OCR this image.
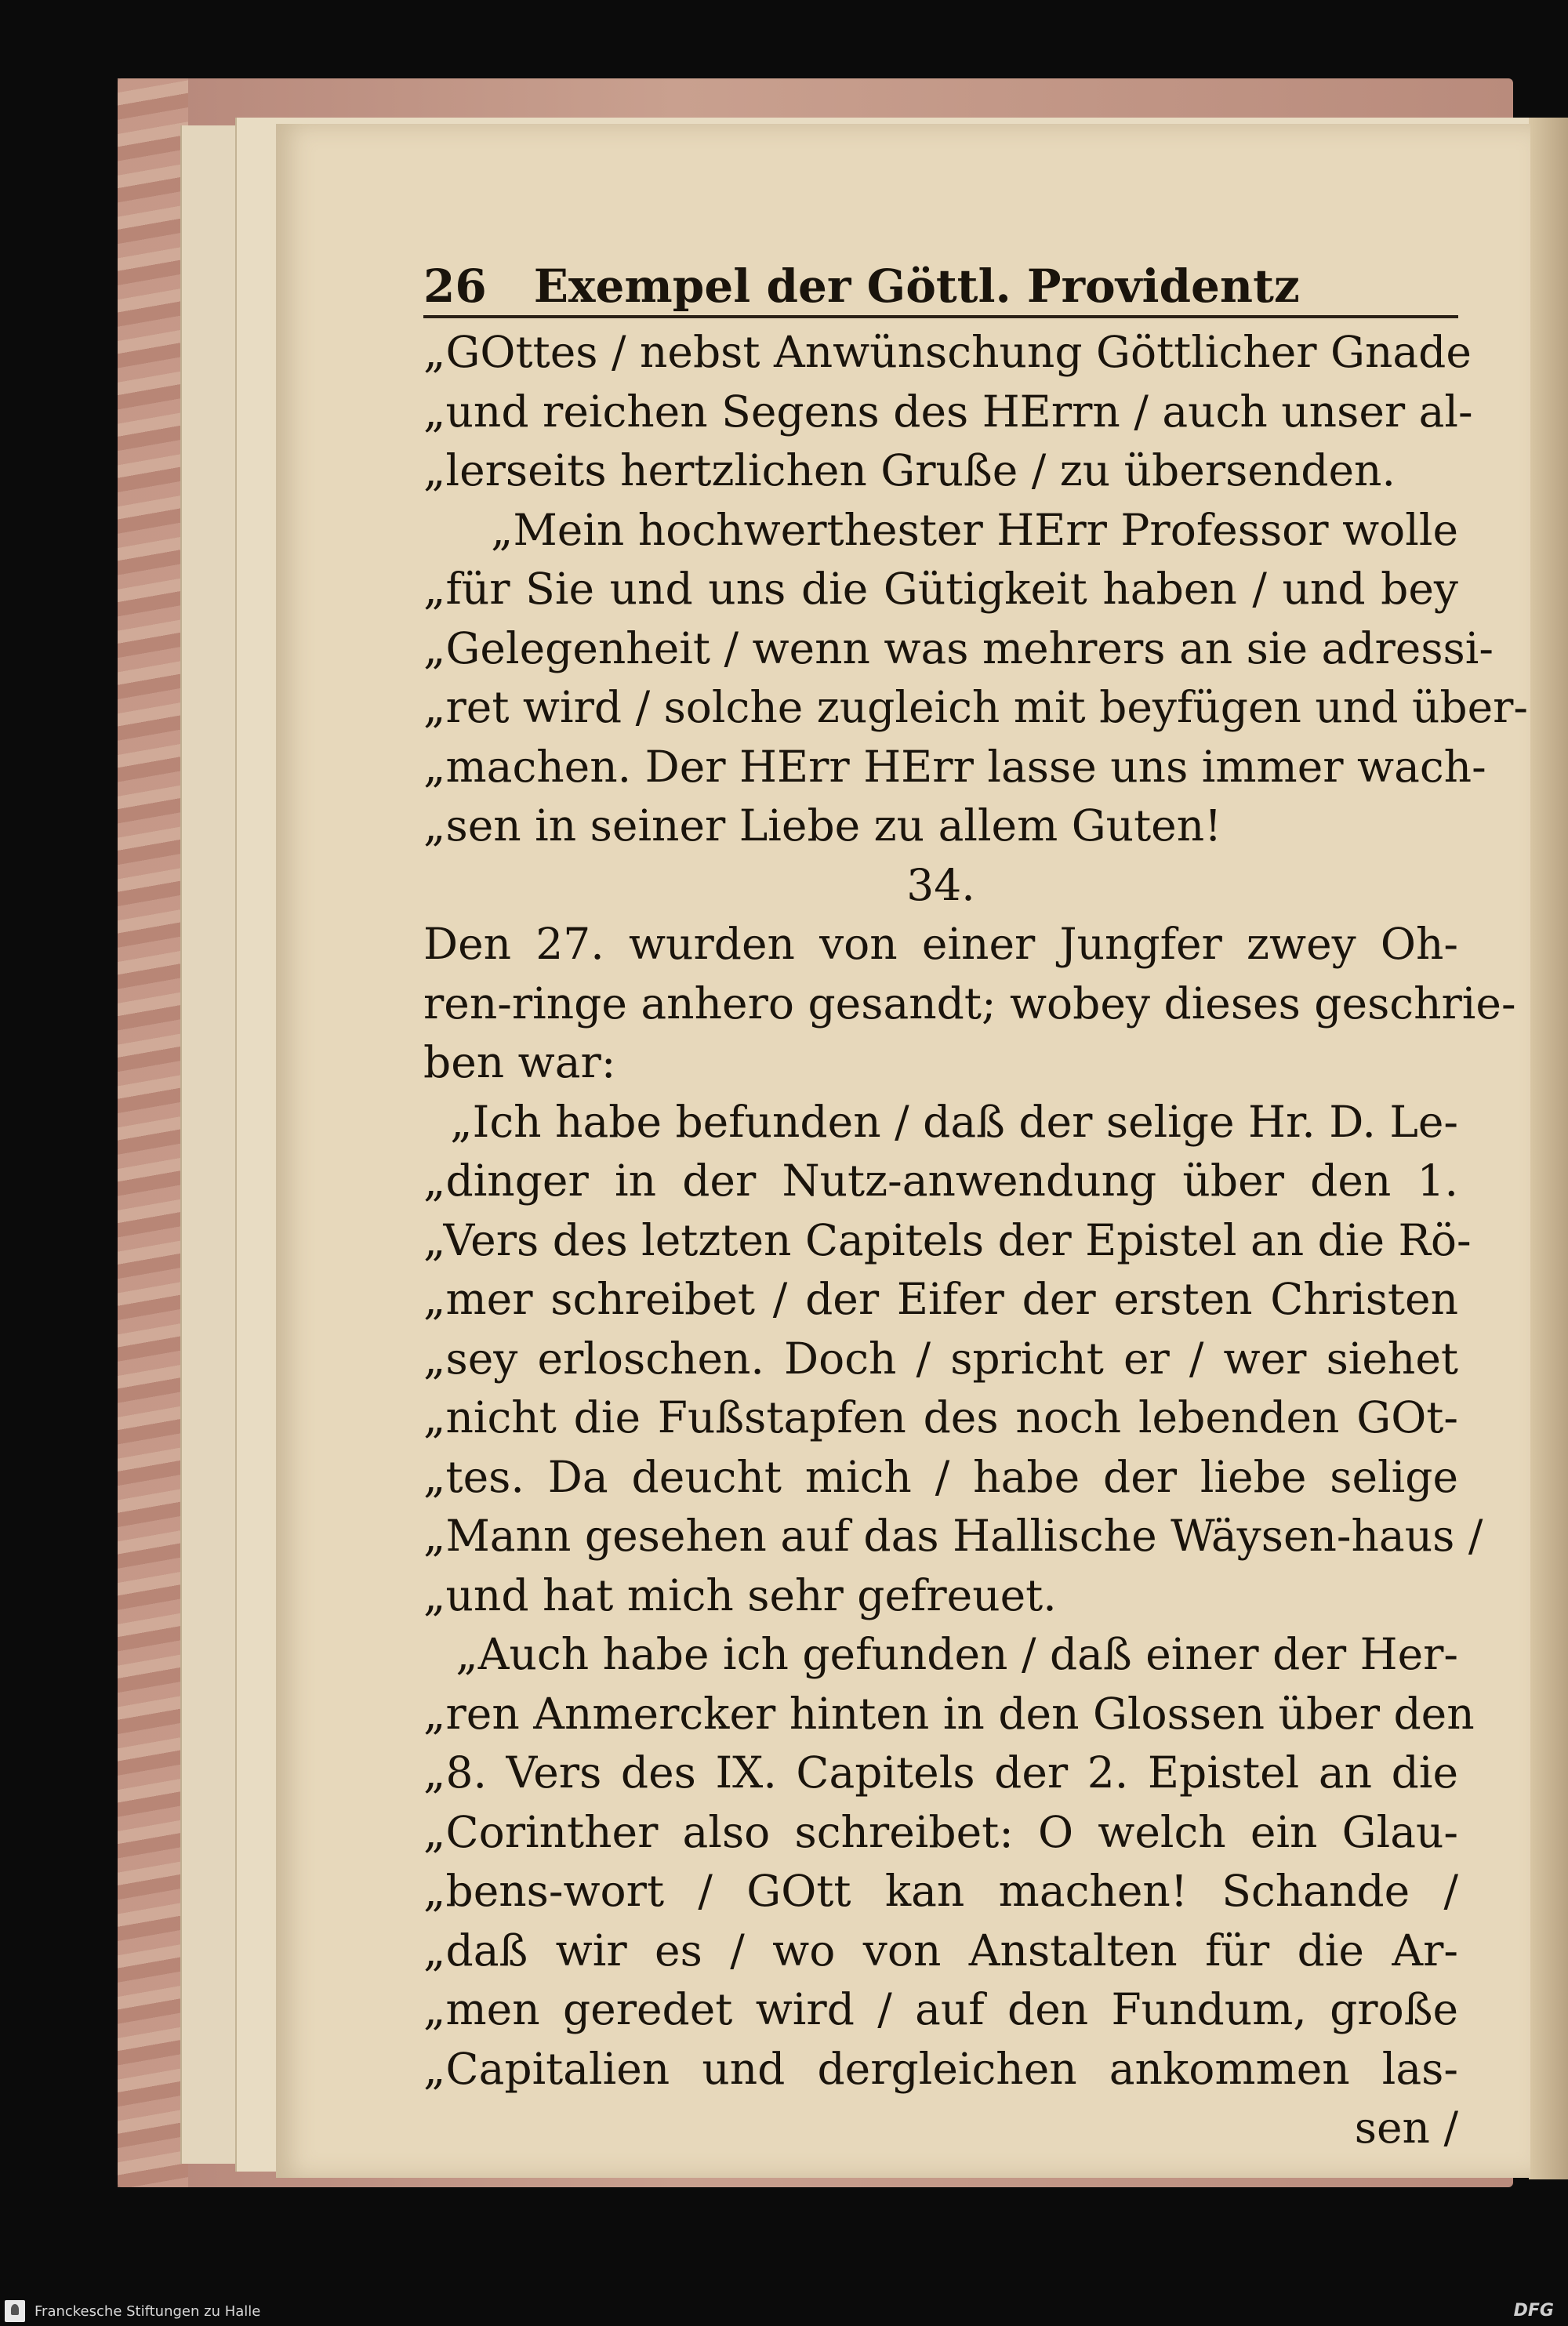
26 Exempel der Göttl. Providentz
„GOttes / nebst Anwünschung Göttlicher Gnade
„und reichen Segens des HErrn / auch unser al-
„lerseits hertzlichen Gruße / zu übersenden.
„Mein hochwerthester HErr Professor wolle
„für Sie und uns die Gütigkeit haben / und bey
„Gelegenheit / wenn was mehrers an sie adressi-
„ret wird / solche zugleich mit beyfügen und über-
„machen. Der HErr HErr lasse uns immer wach-
„sen in seiner Liebe zu allem Guten!
34.
Den 27. wurden von einer Jungfer zwey Oh-
ren-ringe anhero gesandt; wobey dieses geschrie-
ben war:
„Ich habe befunden / daß der selige Hr. D. Le-
„dinger in der Nutz-anwendung über den 1.
„Vers des letzten Capitels der Epistel an die Rö-
„mer schreibet / der Eifer der ersten Christen
„sey erloschen. Doch / spricht er / wer siehet
„nicht die Fußstapfen des noch lebenden GOt-
„tes. Da deucht mich / habe der liebe selige
„Mann gesehen auf das Hallische Wäysen-haus /
„und hat mich sehr gefreuet.
„Auch habe ich gefunden / daß einer der Her-
„ren Anmercker hinten in den Glossen über den
„8. Vers des IX. Capitels der 2. Epistel an die
„Corinther also schreibet: O welch ein Glau-
„bens-wort / GOtt kan machen! Schande /
„daß wir es / wo von Anstalten für die Ar-
„men geredet wird / auf den Fundum, große
„Capitalien und dergleichen ankommen las-
sen /
Franckesche Stiftungen zu Halle	DFG
